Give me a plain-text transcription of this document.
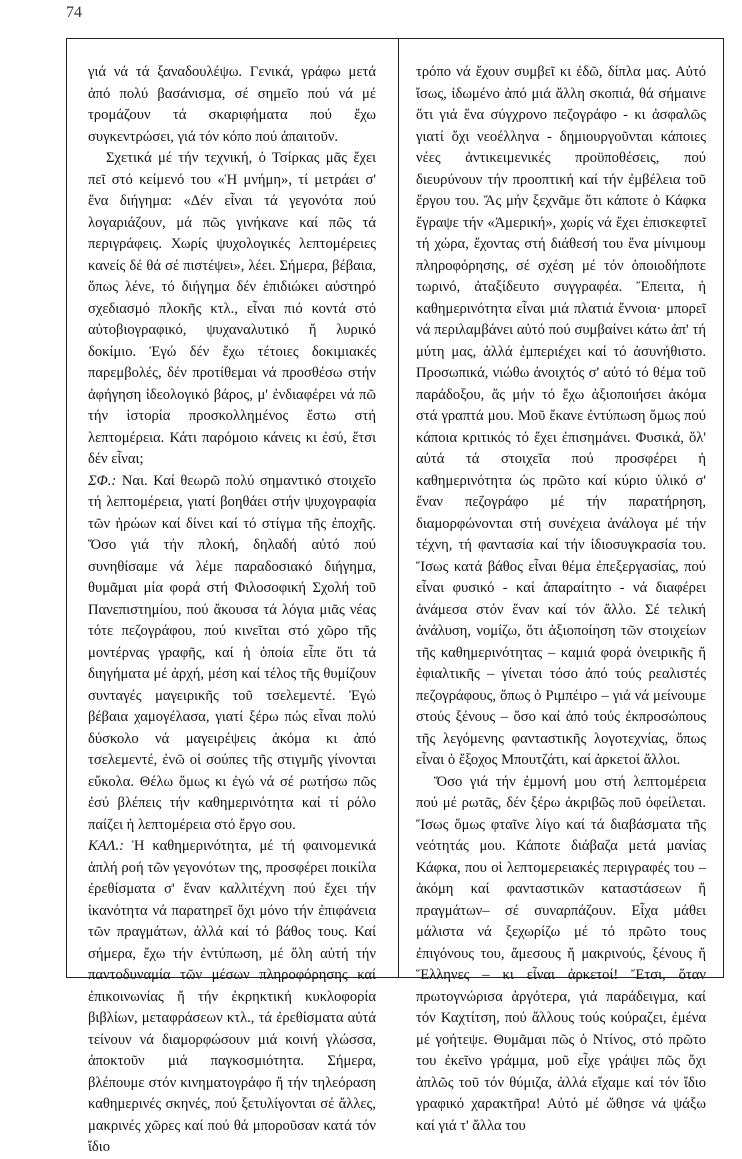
74

γιά νά τά ξαναδουλέψω. Γενικά, γράφω μετά ἀπό πολύ βασάνισμα, σέ σημεῖο πού νά μέ τρομάζουν τά σκαριφήματα πού ἔχω συγκεντρώσει, γιά τόν κόπο πού ἀπαιτοῦν.

Σχετικά μέ τήν τεχνική, ὁ Τσίρκας μᾶς ἔχει πεῖ στό κείμενό του «Ἡ μνήμη», τί μετράει σ' ἕνα διήγημα: «Δέν εἶναι τά γεγονότα πού λογαριάζουν, μά πῶς γινήκανε καί πῶς τά περιγράφεις. Χωρίς ψυχολογικές λεπτομέρειες κανείς δέ θά σέ πιστέψει», λέει. Σήμερα, βέβαια, ὅπως λένε, τό διήγημα δέν ἐπιδιώκει αὐστηρό σχεδιασμό πλοκῆς κτλ., εἶναι πιό κοντά στό αὐτοβιογραφικό, ψυχαναλυτικό ἤ λυρικό δοκίμιο. Ἐγώ δέν ἔχω τέτοιες δοκιμιακές παρεμβολές, δέν προτίθεμαι νά προσθέσω στήν ἀφήγηση ἰδεολογικό βάρος, μ' ἐνδιαφέρει νά πῶ τήν ἱστορία προσκολλημένος ἔστω στή λεπτομέρεια. Κάτι παρόμοιο κάνεις κι ἐσύ, ἔτσι δέν εἶναι;

ΣΦ.: Ναι. Καί θεωρῶ πολύ σημαντικό στοιχεῖο τή λεπτομέρεια, γιατί βοηθάει στήν ψυχογραφία τῶν ἡρώων καί δίνει καί τό στίγμα τῆς ἐποχῆς. Ὅσο γιά τήν πλοκή, δηλαδή αὐτό πού συνηθίσαμε νά λέμε παραδοσιακό διήγημα, θυμᾶμαι μία φορά στή Φιλοσοφική Σχολή τοῦ Πανεπιστημίου, πού ἄκουσα τά λόγια μιᾶς νέας τότε πεζογράφου, πού κινεῖται στό χῶρο τῆς μοντέρνας γραφῆς, καί ἡ ὁποία εἶπε ὅτι τά διηγήματα μέ ἀρχή, μέση καί τέλος τῆς θυμίζουν συνταγές μαγειρικῆς τοῦ τσελεμεντέ. Ἐγώ βέβαια χαμογέλασα, γιατί ξέρω πώς εἶναι πολύ δύσκολο νά μαγειρέψεις ἀκόμα κι ἀπό τσελεμεντέ, ἐνῶ οἱ σούπες τῆς στιγμῆς γίνονται εὔκολα. Θέλω ὅμως κι ἐγώ νά σέ ρωτήσω πῶς ἐσύ βλέπεις τήν καθημερινότητα καί τί ρόλο παίζει ἡ λεπτομέρεια στό ἔργο σου.

ΚΑΛ.: Ἡ καθημερινότητα, μέ τή φαινομενικά ἁπλή ροή τῶν γεγονότων της, προσφέρει ποικίλα ἐρεθίσματα σ' ἕναν καλλιτέχνη πού ἔχει τήν ἱκανότητα νά παρατηρεῖ ὄχι μόνο τήν ἐπιφάνεια τῶν πραγμάτων, ἀλλά καί τό βάθος τους. Καί σήμερα, ἔχω τήν ἐντύπωση, μέ ὅλη αὐτή τήν παντοδυναμία τῶν μέσων πληροφόρησης καί ἐπικοινωνίας ἤ τήν ἐκρηκτική κυκλοφορία βιβλίων, μεταφράσεων κτλ., τά ἐρεθίσματα αὐτά τείνουν νά διαμορφώσουν μιά κοινή γλώσσα, ἀποκτοῦν μιά παγκοσμιότητα. Σήμερα, βλέπουμε στόν κινηματογράφο ἤ τήν τηλεόραση καθημερινές σκηνές, πού ξετυλίγονται σέ ἄλλες, μακρινές χῶρες καί πού θά μποροῦσαν κατά τόν ἴδιο

τρόπο νά ἔχουν συμβεῖ κι ἐδῶ, δίπλα μας. Αὐτό ἴσως, ἰδωμένο ἀπό μιά ἄλλη σκοπιά, θά σήμαινε ὅτι γιά ἕνα σύγχρονο πεζογράφο - κι ἀσφαλῶς γιατί ὄχι νεοέλληνα - δημιουργοῦνται κάποιες νέες ἀντικειμενικές προϋποθέσεις, πού διευρύνουν τήν προοπτική καί τήν ἐμβέλεια τοῦ ἔργου του. Ἄς μήν ξεχνᾶμε ὅτι κάποτε ὁ Κάφκα ἔγραψε τήν «Ἀμερική», χωρίς νά ἔχει ἐπισκεφτεῖ τή χώρα, ἔχοντας στή διάθεσή του ἕνα μίνιμουμ πληροφόρησης, σέ σχέση μέ τόν ὁποιοδήποτε τωρινό, ἀταξίδευτο συγγραφέα. Ἔπειτα, ἡ καθημερινότητα εἶναι μιά πλατιά ἔννοια· μπορεῖ νά περιλαμβάνει αὐτό πού συμβαίνει κάτω ἀπ' τή μύτη μας, ἀλλά ἐμπεριέχει καί τό ἀσυνήθιστο. Προσωπικά, νιώθω ἀνοιχτός σ' αὐτό τό θέμα τοῦ παράδοξου, ἄς μήν τό ἔχω ἀξιοποιήσει ἀκόμα στά γραπτά μου. Μοῦ ἔκανε ἐντύπωση ὅμως πού κάποια κριτικός τό ἔχει ἐπισημάνει. Φυσικά, ὅλ' αὐτά τά στοιχεῖα πού προσφέρει ἡ καθημερινότητα ὡς πρῶτο καί κύριο ὑλικό σ' ἕναν πεζογράφο μέ τήν παρατήρηση, διαμορφώνονται στή συνέχεια ἀνάλογα μέ τήν τέχνη, τή φαντασία καί τήν ἰδιοσυγκρασία του. Ἴσως κατά βάθος εἶναι θέμα ἐπεξεργασίας, πού εἶναι φυσικό - καί ἀπαραίτητο - νά διαφέρει ἀνάμεσα στόν ἕναν καί τόν ἄλλο. Σέ τελική ἀνάλυση, νομίζω, ὅτι ἀξιοποίηση τῶν στοιχείων τῆς καθημερινότητας – καμιά φορά ὀνειρικῆς ἤ ἐφιαλτικῆς – γίνεται τόσο ἀπό τούς ρεαλιστές πεζογράφους, ὅπως ὁ Ριμπέιρο – γιά νά μείνουμε στούς ξένους – ὅσο καί ἀπό τούς ἐκπροσώπους τῆς λεγόμενης φανταστικῆς λογοτεχνίας, ὅπως εἶναι ὁ ἔξοχος Μπουτζάτι, καί ἀρκετοί ἄλλοι.

Ὅσο γιά τήν ἐμμονή μου στή λεπτομέρεια πού μέ ρωτᾶς, δέν ξέρω ἀκριβῶς ποῦ ὀφείλεται. Ἴσως ὅμως φταῖνε λίγο καί τά διαβάσματα τῆς νεότητάς μου. Κάποτε διάβαζα μετά μανίας Κάφκα, που οἱ λεπτομερειακές περιγραφές του – ἀκόμη καί φανταστικῶν καταστάσεων ἤ πραγμάτων– σέ συναρπάζουν. Εἶχα μάθει μάλιστα νά ξεχωρίζω μέ τό πρῶτο τους ἐπιγόνους του, ἄμεσους ἤ μακρινούς, ξένους ἤ Ἕλληνες – κι εἶναι ἀρκετοί! Ἔτσι, ὅταν πρωτογνώρισα ἀργότερα, γιά παράδειγμα, καί τόν Καχτίτση, πού ἄλλους τούς κούραζει, ἐμένα μέ γοήτεψε. Θυμᾶμαι πῶς ὁ Ντίνος, στό πρῶτο του ἐκεῖνο γράμμα, μοῦ εἶχε γράψει πῶς ὄχι ἁπλῶς τοῦ τόν θύμιζα, ἀλλά εἴχαμε καί τόν ἴδιο γραφικό χαρακτῆρα! Αὐτό μέ ὤθησε νά ψάξω καί γιά τ' ἄλλα του
